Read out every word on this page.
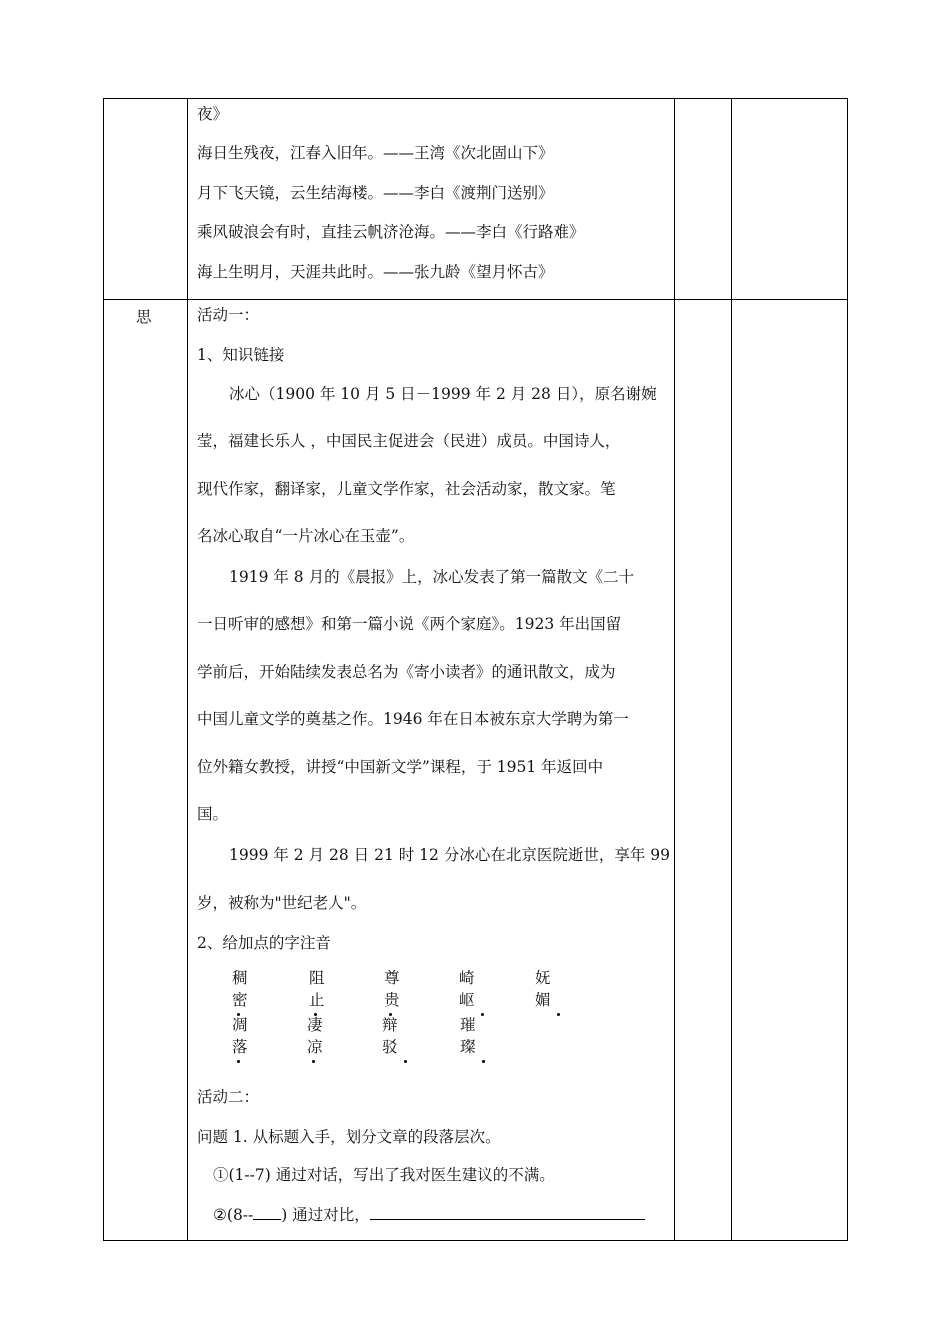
夜》
海日生残夜，江春入旧年。——王湾《次北固山下》
月下飞天镜，云生结海楼。——李白《渡荆门送别》
乘风破浪会有时，直挂云帆济沧海。——李白《行路难》
海上生明月，天涯共此时。——张九龄《望月怀古》
思	活动一：
1、知识链接
冰心（1900 年 10 月 5 日－1999 年 2 月 28 日），原名谢婉
莹，福建长乐人 ，中国民主促进会（民进）成员。中国诗人，
现代作家，翻译家，儿童文学作家，社会活动家，散文家。笔
名冰心取自“一片冰心在玉壶”。
1919 年 8 月的《晨报》上，冰心发表了第一篇散文《二十
一日听审的感想》和第一篇小说《两个家庭》。1923 年出国留
学前后，开始陆续发表总名为《寄小读者》的通讯散文，成为
中国儿童文学的奠基之作。1946 年在日本被东京大学聘为第一
位外籍女教授，讲授“中国新文学”课程，于 1951 年返回中
国。
1999 年 2 月 28 日 21 时 12 分冰心在北京医院逝世，享年 99
岁，被称为"世纪老人"。
2、给加点的字注音
稠密
阻止
尊贵
崎岖
妩媚
凋落
凄凉
辩驳
璀璨
活动二：
问题 1. 从标题入手，划分文章的段落层次。
①(1--7) 通过对话，写出了我对医生建议的不满。
②(8-- ) 通过对比，
